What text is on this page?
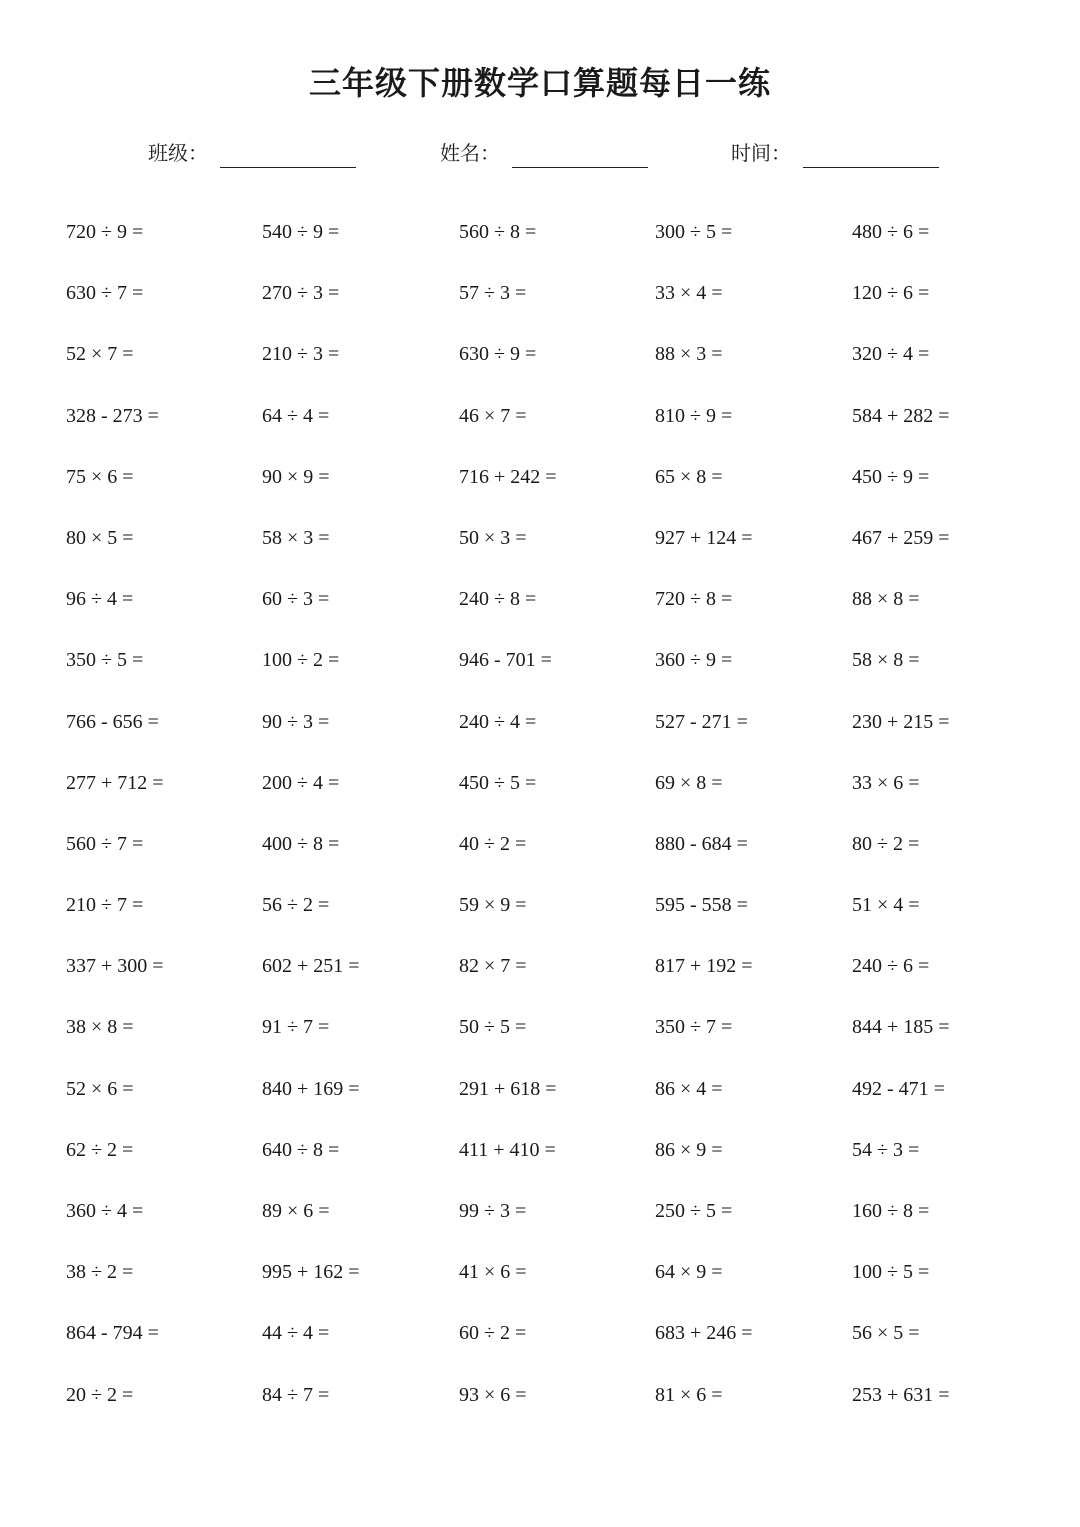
三年级下册数学口算题每日一练
班级：	姓名：	时间：
720 ÷ 9 =	540 ÷ 9 =	560 ÷ 8 =	300 ÷ 5 =	480 ÷ 6 =
630 ÷ 7 =	270 ÷ 3 =	57 ÷ 3 =	33 × 4 =	120 ÷ 6 =
52 × 7 =	210 ÷ 3 =	630 ÷ 9 =	88 × 3 =	320 ÷ 4 =
328 - 273 =	64 ÷ 4 =	46 × 7 =	810 ÷ 9 =	584 + 282 =
75 × 6 =	90 × 9 =	716 + 242 =	65 × 8 =	450 ÷ 9 =
80 × 5 =	58 × 3 =	50 × 3 =	927 + 124 =	467 + 259 =
96 ÷ 4 =	60 ÷ 3 =	240 ÷ 8 =	720 ÷ 8 =	88 × 8 =
350 ÷ 5 =	100 ÷ 2 =	946 - 701 =	360 ÷ 9 =	58 × 8 =
766 - 656 =	90 ÷ 3 =	240 ÷ 4 =	527 - 271 =	230 + 215 =
277 + 712 =	200 ÷ 4 =	450 ÷ 5 =	69 × 8 =	33 × 6 =
560 ÷ 7 =	400 ÷ 8 =	40 ÷ 2 =	880 - 684 =	80 ÷ 2 =
210 ÷ 7 =	56 ÷ 2 =	59 × 9 =	595 - 558 =	51 × 4 =
337 + 300 =	602 + 251 =	82 × 7 =	817 + 192 =	240 ÷ 6 =
38 × 8 =	91 ÷ 7 =	50 ÷ 5 =	350 ÷ 7 =	844 + 185 =
52 × 6 =	840 + 169 =	291 + 618 =	86 × 4 =	492 - 471 =
62 ÷ 2 =	640 ÷ 8 =	411 + 410 =	86 × 9 =	54 ÷ 3 =
360 ÷ 4 =	89 × 6 =	99 ÷ 3 =	250 ÷ 5 =	160 ÷ 8 =
38 ÷ 2 =	995 + 162 =	41 × 6 =	64 × 9 =	100 ÷ 5 =
864 - 794 =	44 ÷ 4 =	60 ÷ 2 =	683 + 246 =	56 × 5 =
20 ÷ 2 =	84 ÷ 7 =	93 × 6 =	81 × 6 =	253 + 631 =
